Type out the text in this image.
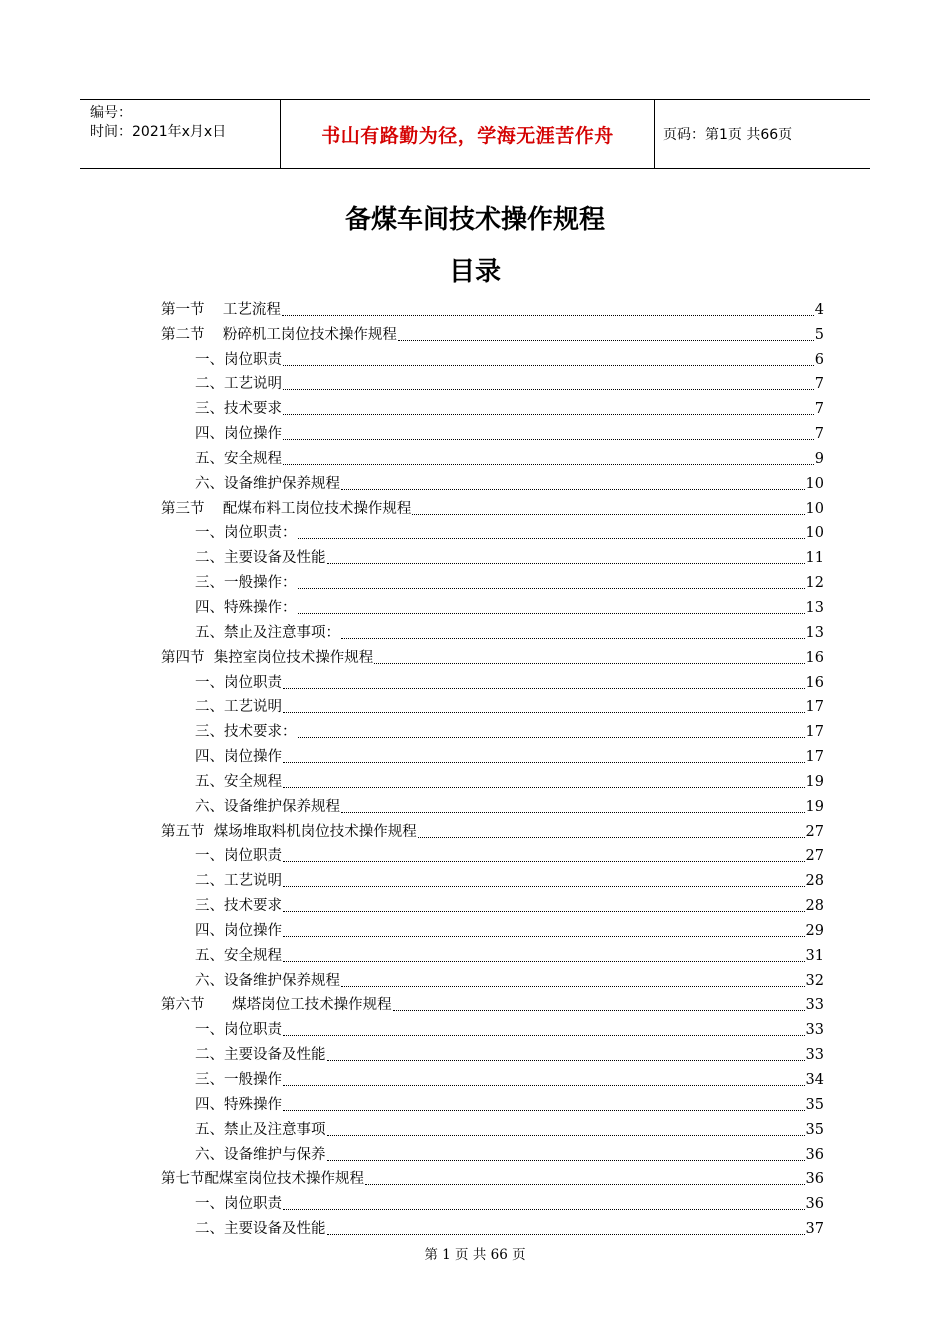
编号：
时间：2021年x月x日	书山有路勤为径，学海无涯苦作舟	页码：第1页 共66页
备煤车间技术操作规程
目录
第一节    工艺流程	4
第二节    粉碎机工岗位技术操作规程	5
一、岗位职责	6
二、工艺说明	7
三、技术要求	7
四、岗位操作	7
五、安全规程	9
六、设备维护保养规程	10
第三节    配煤布料工岗位技术操作规程	10
一、岗位职责：	10
二、主要设备及性能	11
三、一般操作：	12
四、特殊操作：	13
五、禁止及注意事项：	13
第四节  集控室岗位技术操作规程	16
一、岗位职责	16
二、工艺说明	17
三、技术要求：	17
四、岗位操作	17
五、安全规程	19
六、设备维护保养规程	19
第五节  煤场堆取料机岗位技术操作规程	27
一、岗位职责	27
二、工艺说明	28
三、技术要求	28
四、岗位操作	29
五、安全规程	31
六、设备维护保养规程	32
第六节      煤塔岗位工技术操作规程	33
一、岗位职责	33
二、主要设备及性能	33
三、一般操作	34
四、特殊操作	35
五、禁止及注意事项	35
六、设备维护与保养	36
第七节配煤室岗位技术操作规程	36
一、岗位职责	36
二、主要设备及性能	37
第 1 页 共 66 页
